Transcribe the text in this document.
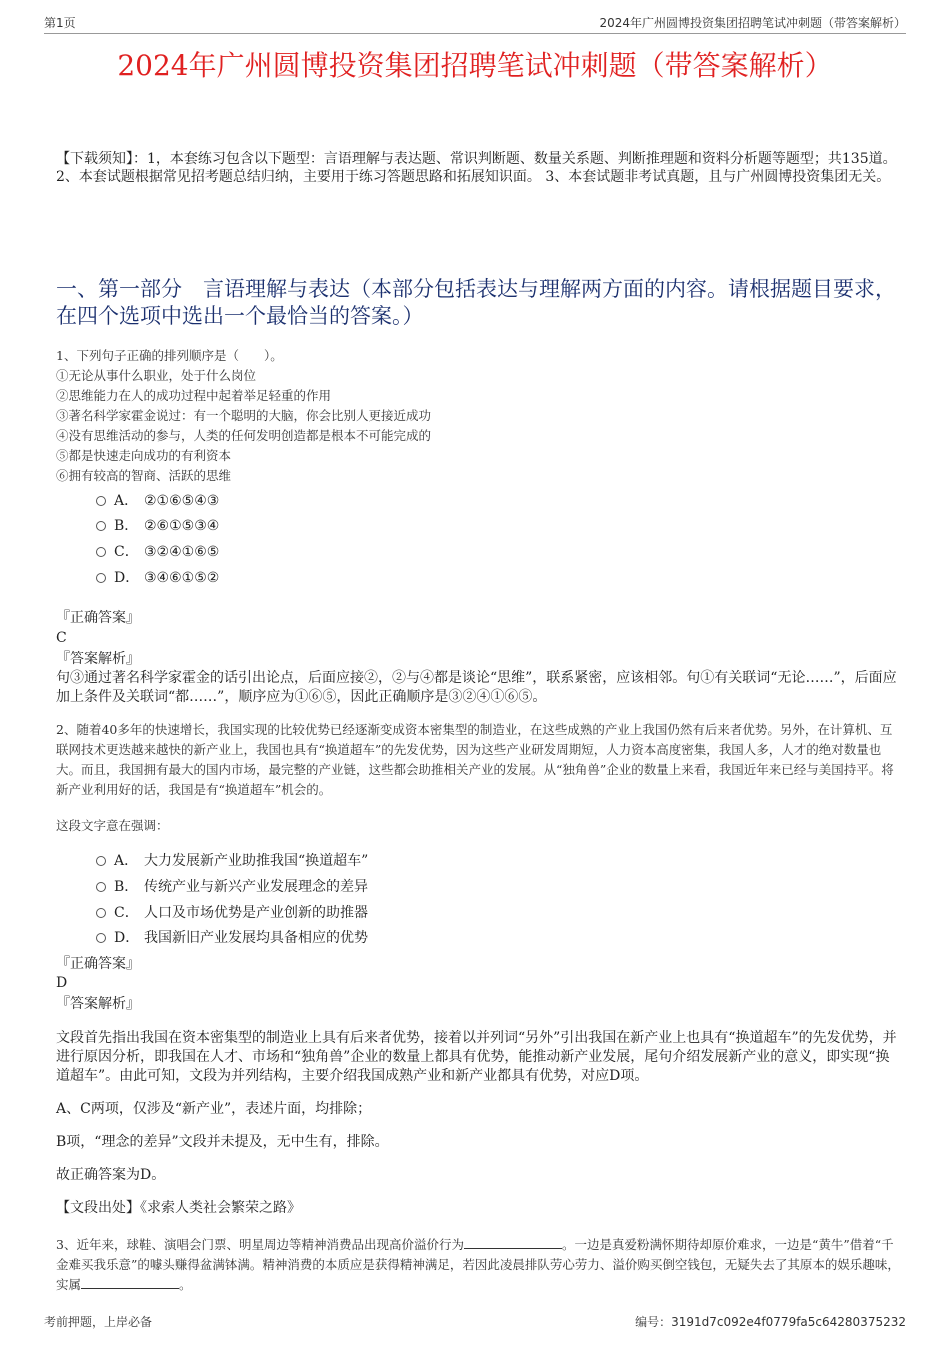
第1页	2024年广州圆博投资集团招聘笔试冲刺题（带答案解析）
2024年广州圆博投资集团招聘笔试冲刺题（带答案解析）
【下载须知】：1，本套练习包含以下题型：言语理解与表达题、常识判断题、数量关系题、判断推理题和资料分析题等题型；共135道。 2、本套试题根据常见招考题总结归纳，主要用于练习答题思路和拓展知识面。 3、本套试题非考试真题，且与广州圆博投资集团无关。
一、第一部分　言语理解与表达（本部分包括表达与理解两方面的内容。请根据题目要求，在四个选项中选出一个最恰当的答案。）
1、下列句子正确的排列顺序是（　　）。
①无论从事什么职业，处于什么岗位
②思维能力在人的成功过程中起着举足轻重的作用
③著名科学家霍金说过：有一个聪明的大脑，你会比别人更接近成功
④没有思维活动的参与，人类的任何发明创造都是根本不可能完成的
⑤都是快速走向成功的有利资本
⑥拥有较高的智商、活跃的思维
A． ②①⑥⑤④③
B． ②⑥①⑤③④
C． ③②④①⑥⑤
D． ③④⑥①⑤②
『正确答案』
C
『答案解析』
句③通过著名科学家霍金的话引出论点，后面应接②，②与④都是谈论“思维”，联系紧密，应该相邻。句①有关联词“无论……”，后面应加上条件及关联词“都……”，顺序应为①⑥⑤，因此正确顺序是③②④①⑥⑤。
2、随着40多年的快速增长，我国实现的比较优势已经逐渐变成资本密集型的制造业，在这些成熟的产业上我国仍然有后来者优势。另外，在计算机、互联网技术更迭越来越快的新产业上，我国也具有“换道超车”的先发优势，因为这些产业研发周期短，人力资本高度密集，我国人多，人才的绝对数量也大。而且，我国拥有最大的国内市场，最完整的产业链，这些都会助推相关产业的发展。从“独角兽”企业的数量上来看，我国近年来已经与美国持平。将新产业利用好的话，我国是有“换道超车”机会的。
这段文字意在强调：
A． 大力发展新产业助推我国“换道超车”
B． 传统产业与新兴产业发展理念的差异
C． 人口及市场优势是产业创新的助推器
D． 我国新旧产业发展均具备相应的优势
『正确答案』
D
『答案解析』
文段首先指出我国在资本密集型的制造业上具有后来者优势，接着以并列词“另外”引出我国在新产业上也具有“换道超车”的先发优势，并进行原因分析，即我国在人才、市场和“独角兽”企业的数量上都具有优势，能推动新产业发展，尾句介绍发展新产业的意义，即实现“换道超车”。由此可知，文段为并列结构，主要介绍我国成熟产业和新产业都具有优势，对应D项。
A、C两项，仅涉及“新产业”，表述片面，均排除；
B项，“理念的差异”文段并未提及，无中生有，排除。
故正确答案为D。
【文段出处】《求索人类社会繁荣之路》
3、近年来，球鞋、演唱会门票、明星周边等精神消费品出现高价溢价行为	。一边是真爱粉满怀期待却原价难求，一边是“黄牛”借着“千金难买我乐意”的噱头赚得盆满钵满。精神消费的本质应是获得精神满足，若因此凌晨排队劳心劳力、溢价购买倒空钱包，无疑失去了其原本的娱乐趣味，实属	。
考前押题，上岸必备	编号：3191d7c092e4f0779fa5c64280375232
